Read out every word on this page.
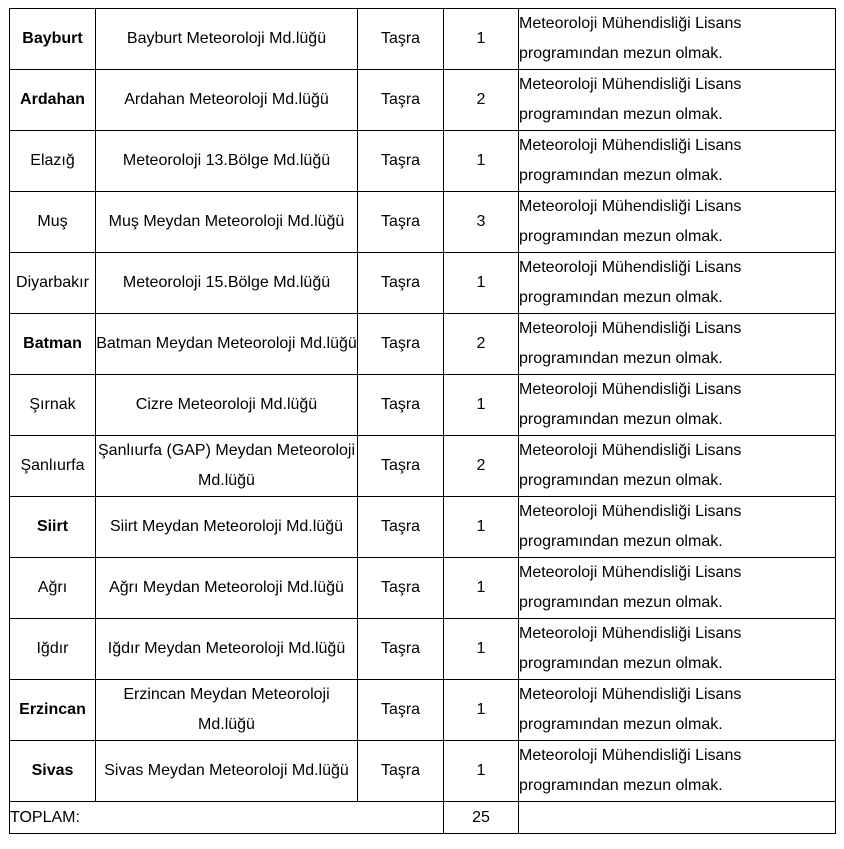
Bayburt	Bayburt Meteoroloji Md.lüğü	Taşra	1	Meteoroloji Mühendisliği Lisans
programından mezun olmak.

Ardahan	Ardahan Meteoroloji Md.lüğü	Taşra	2	Meteoroloji Mühendisliği Lisans
programından mezun olmak.

Elazığ	Meteoroloji 13.Bölge Md.lüğü	Taşra	1	Meteoroloji Mühendisliği Lisans
programından mezun olmak.

Muş	Muş Meydan Meteoroloji Md.lüğü	Taşra	3	Meteoroloji Mühendisliği Lisans
programından mezun olmak.

Diyarbakır	Meteoroloji 15.Bölge Md.lüğü	Taşra	1	Meteoroloji Mühendisliği Lisans
programından mezun olmak.

Batman	Batman Meydan Meteoroloji Md.lüğü	Taşra	2	Meteoroloji Mühendisliği Lisans
programından mezun olmak.

Şırnak	Cizre Meteoroloji Md.lüğü	Taşra	1	Meteoroloji Mühendisliği Lisans
programından mezun olmak.

Şanlıurfa	Şanlıurfa (GAP) Meydan Meteoroloji Md.lüğü	Taşra	2	Meteoroloji Mühendisliği Lisans
programından mezun olmak.

Siirt	Siirt Meydan Meteoroloji Md.lüğü	Taşra	1	Meteoroloji Mühendisliği Lisans
programından mezun olmak.

Ağrı	Ağrı Meydan Meteoroloji Md.lüğü	Taşra	1	Meteoroloji Mühendisliği Lisans
programından mezun olmak.

Iğdır	Iğdır Meydan Meteoroloji Md.lüğü	Taşra	1	Meteoroloji Mühendisliği Lisans
programından mezun olmak.

Erzincan	Erzincan Meydan Meteoroloji Md.lüğü	Taşra	1	Meteoroloji Mühendisliği Lisans
programından mezun olmak.

Sivas	Sivas Meydan Meteoroloji Md.lüğü	Taşra	1	Meteoroloji Mühendisliği Lisans
programından mezun olmak.

TOPLAM:			25	
